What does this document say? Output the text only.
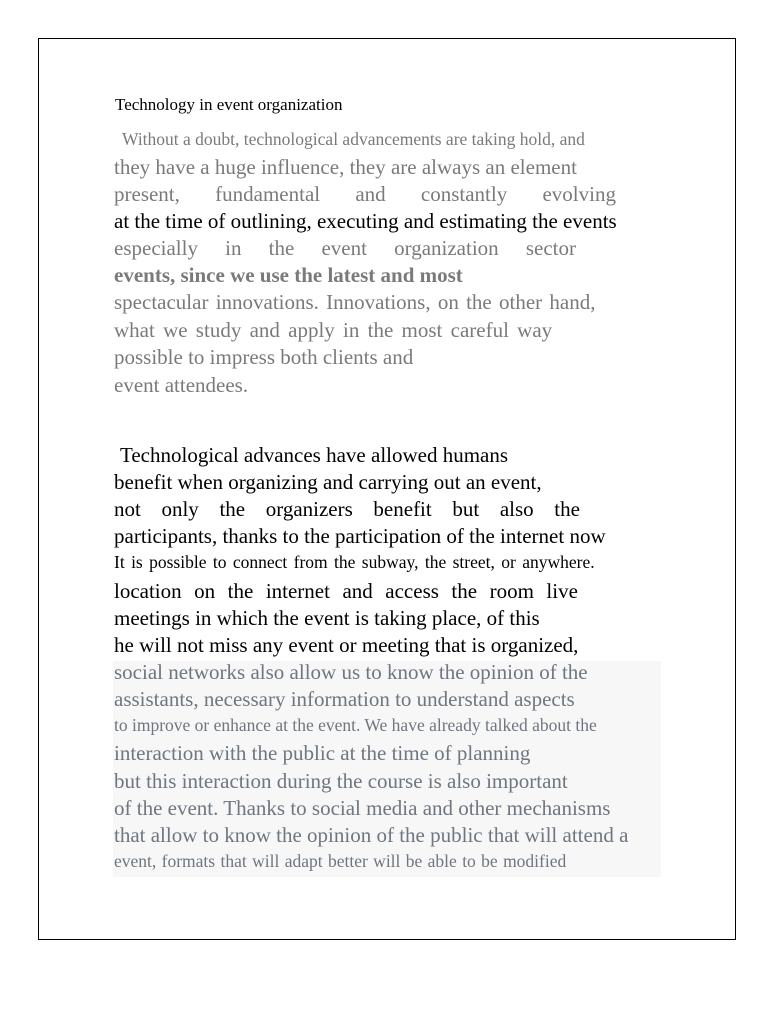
Technology in event organization
Without a doubt, technological advancements are taking hold, and
they have a huge influence, they are always an element
present, fundamental and constantly evolving
at the time of outlining, executing and estimating the events
especially in the event organization sector
events, since we use the latest and most
spectacular innovations. Innovations, on the other hand,
what we study and apply in the most careful way
possible to impress both clients and
event attendees.
Technological advances have allowed humans
benefit when organizing and carrying out an event,
not only the organizers benefit but also the
participants, thanks to the participation of the internet now
It is possible to connect from the subway, the street, or anywhere.
location on the internet and access the room live
meetings in which the event is taking place, of this
he will not miss any event or meeting that is organized,
social networks also allow us to know the opinion of the
assistants, necessary information to understand aspects
to improve or enhance at the event. We have already talked about the
interaction with the public at the time of planning
but this interaction during the course is also important
of the event. Thanks to social media and other mechanisms
that allow to know the opinion of the public that will attend a
event, formats that will adapt better will be able to be modified
